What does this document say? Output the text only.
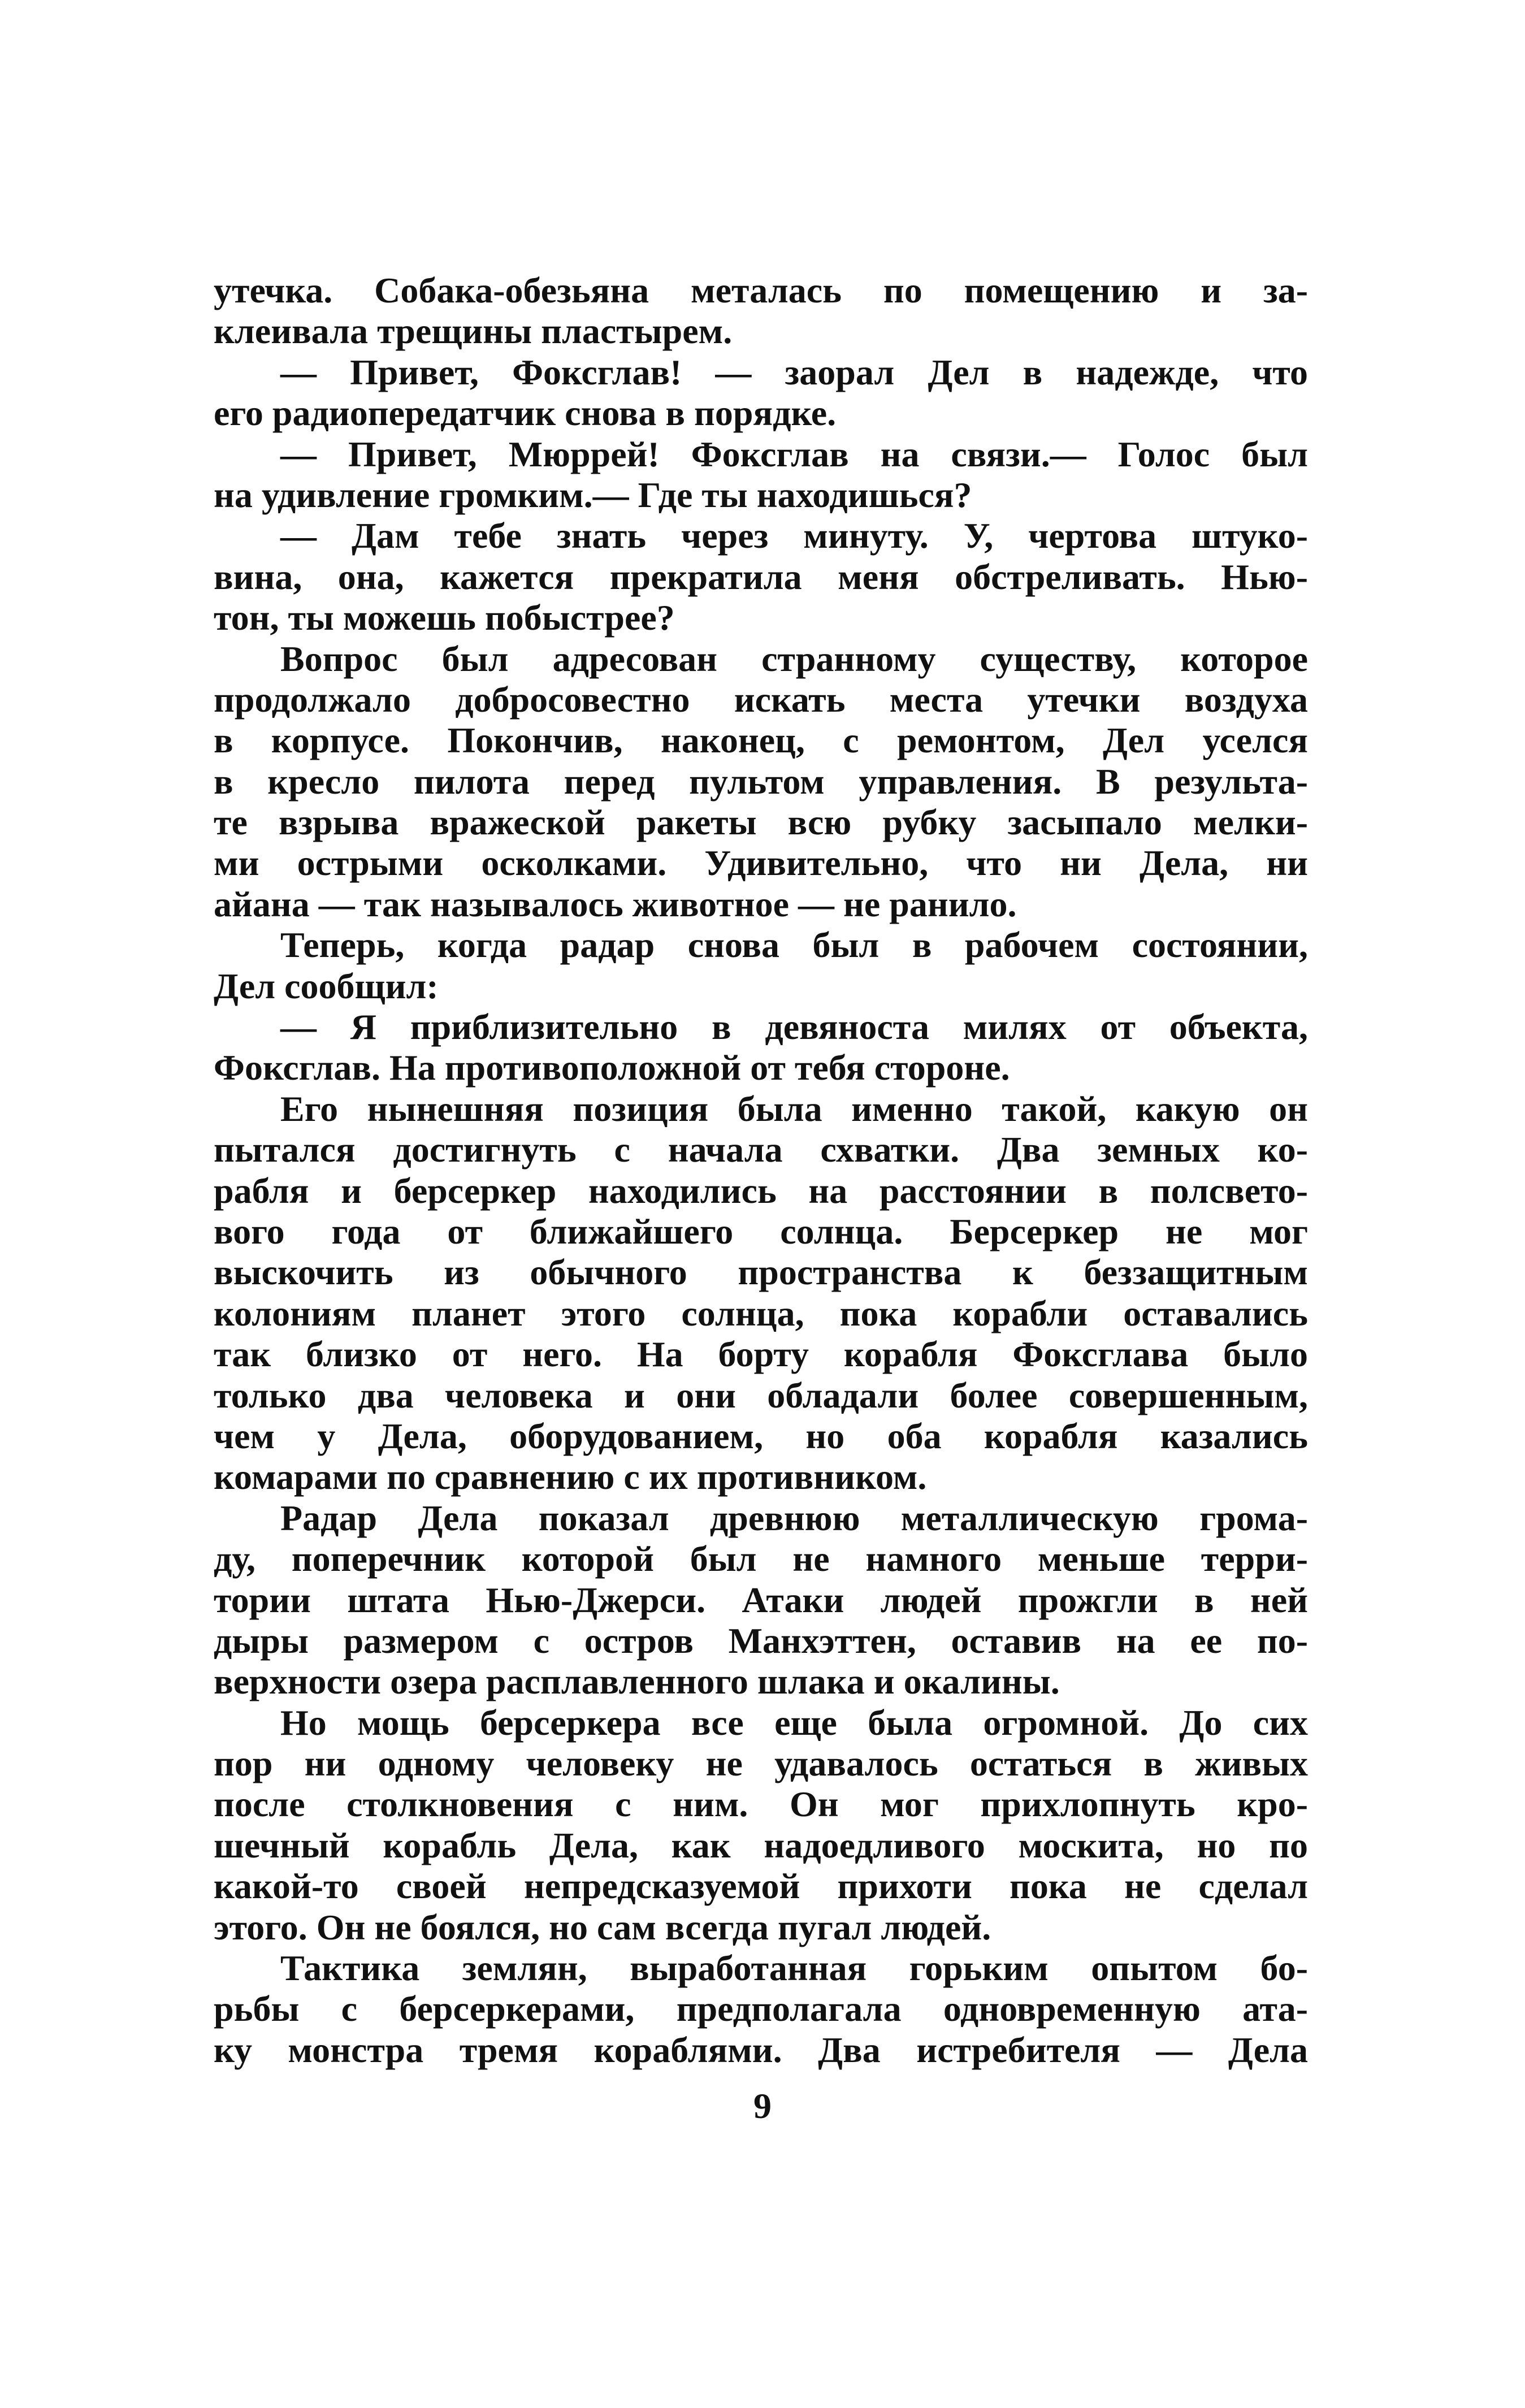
утечка. Собака-обезьяна металась по помещению и за-
клеивала трещины пластырем.
— Привет, Фоксглав! — заорал Дел в надежде, что
его радиопередатчик снова в порядке.
— Привет, Мюррей! Фоксглав на связи.— Голос был
на удивление громким.— Где ты находишься?
— Дам тебе знать через минуту. У, чертова штуко-
вина, она, кажется прекратила меня обстреливать. Нью-
тон, ты можешь побыстрее?
Вопрос был адресован странному существу, которое
продолжало добросовестно искать места утечки воздуха
в корпусе. Покончив, наконец, с ремонтом, Дел уселся
в кресло пилота перед пультом управления. В результа-
те взрыва вражеской ракеты всю рубку засыпало мелки-
ми острыми осколками. Удивительно, что ни Дела, ни
айана — так называлось животное — не ранило.
Теперь, когда радар снова был в рабочем состоянии,
Дел сообщил:
— Я приблизительно в девяноста милях от объекта,
Фоксглав. На противоположной от тебя стороне.
Его нынешняя позиция была именно такой, какую он
пытался достигнуть с начала схватки. Два земных ко-
рабля и берсеркер находились на расстоянии в полсвето-
вого года от ближайшего солнца. Берсеркер не мог
выскочить из обычного пространства к беззащитным
колониям планет этого солнца, пока корабли оставались
так близко от него. На борту корабля Фоксглава было
только два человека и они обладали более совершенным,
чем у Дела, оборудованием, но оба корабля казались
комарами по сравнению с их противником.
Радар Дела показал древнюю металлическую грома-
ду, поперечник которой был не намного меньше терри-
тории штата Нью-Джерси. Атаки людей прожгли в ней
дыры размером с остров Манхэттен, оставив на ее по-
верхности озера расплавленного шлака и окалины.
Но мощь берсеркера все еще была огромной. До сих
пор ни одному человеку не удавалось остаться в живых
после столкновения с ним. Он мог прихлопнуть кро-
шечный корабль Дела, как надоедливого москита, но по
какой-то своей непредсказуемой прихоти пока не сделал
этого. Он не боялся, но сам всегда пугал людей.
Тактика землян, выработанная горьким опытом бо-
рьбы с берсеркерами, предполагала одновременную ата-
ку монстра тремя кораблями. Два истребителя — Дела
9
